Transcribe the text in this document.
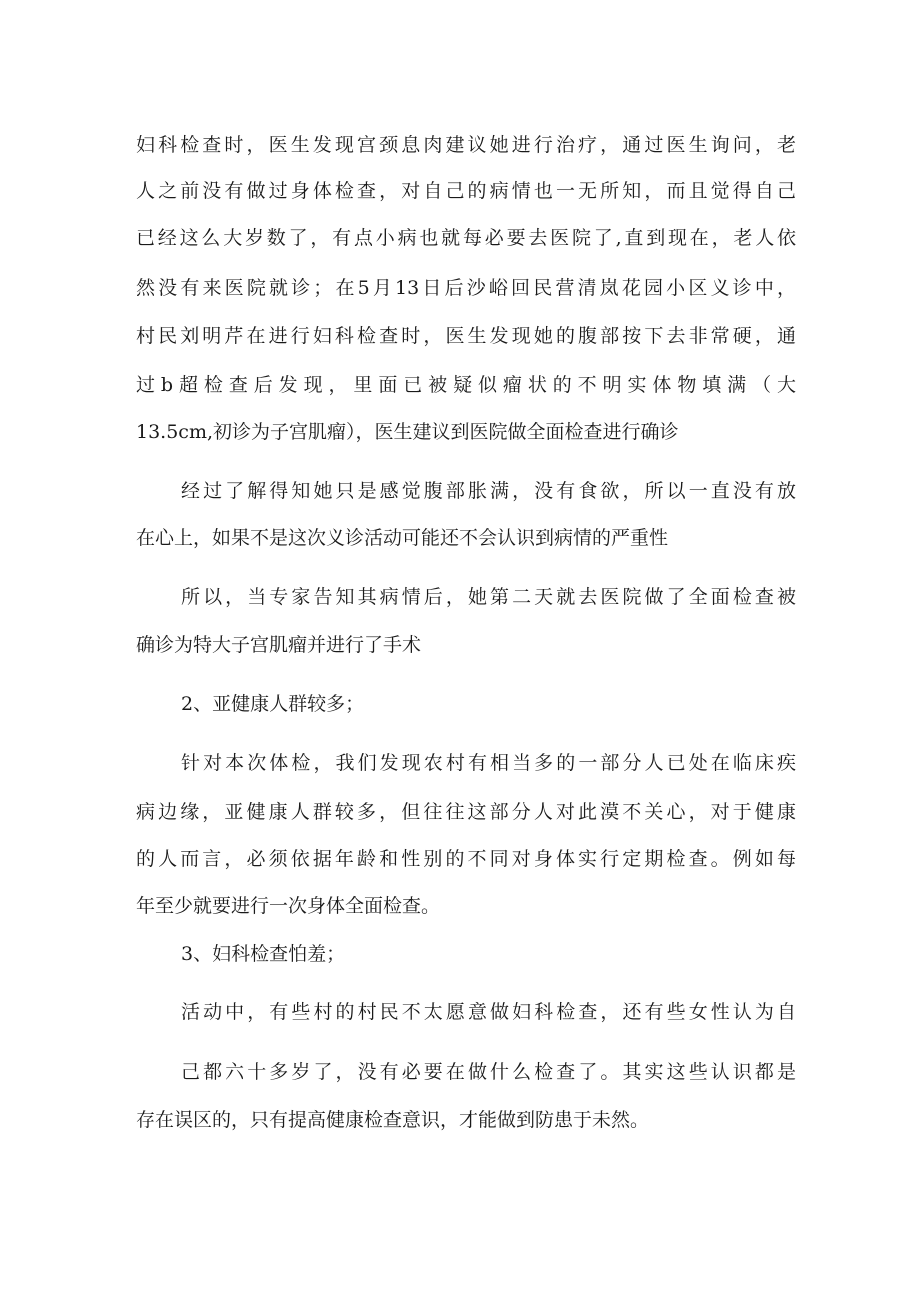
妇科检查时，医生发现宫颈息肉建议她进行治疗，通过医生询问，老
人之前没有做过身体检查，对自己的病情也一无所知，而且觉得自己
已经这么大岁数了，有点小病也就每必要去医院了,直到现在，老人依
然没有来医院就诊；在5月13日后沙峪回民营清岚花园小区义诊中，
村民刘明芹在进行妇科检查时，医生发现她的腹部按下去非常硬，通
过b超检查后发现，里面已被疑似瘤状的不明实体物填满（大
13.5cm,初诊为子宫肌瘤），医生建议到医院做全面检查进行确诊
经过了解得知她只是感觉腹部胀满，没有食欲，所以一直没有放
在心上，如果不是这次义诊活动可能还不会认识到病情的严重性
所以，当专家告知其病情后，她第二天就去医院做了全面检查被
确诊为特大子宫肌瘤并进行了手术
2、亚健康人群较多；
针对本次体检，我们发现农村有相当多的一部分人已处在临床疾
病边缘，亚健康人群较多，但往往这部分人对此漠不关心，对于健康
的人而言，必须依据年龄和性别的不同对身体实行定期检查。例如每
年至少就要进行一次身体全面检查。
3、妇科检查怕羞；
活动中，有些村的村民不太愿意做妇科检查，还有些女性认为自
己都六十多岁了，没有必要在做什么检查了。其实这些认识都是
存在误区的，只有提高健康检查意识，才能做到防患于未然。
